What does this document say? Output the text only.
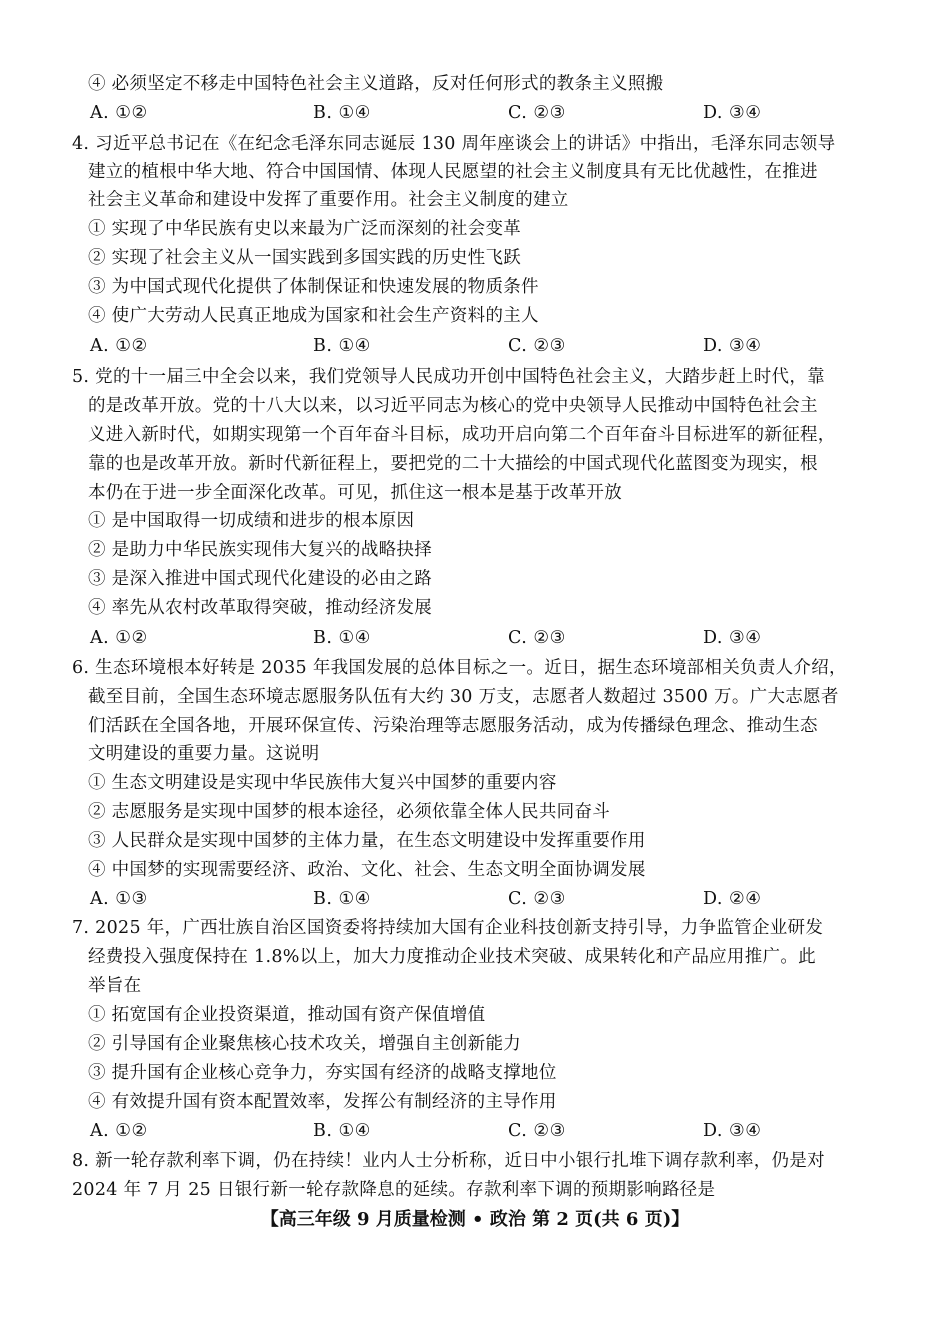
④ 必须坚定不移走中国特色社会主义道路，反对任何形式的教条主义照搬
A. ①②	B. ①④	C. ②③	D. ③④
4. 习近平总书记在《在纪念毛泽东同志诞辰 130 周年座谈会上的讲话》中指出，毛泽东同志领导
建立的植根中华大地、符合中国国情、体现人民愿望的社会主义制度具有无比优越性，在推进
社会主义革命和建设中发挥了重要作用。社会主义制度的建立
① 实现了中华民族有史以来最为广泛而深刻的社会变革
② 实现了社会主义从一国实践到多国实践的历史性飞跃
③ 为中国式现代化提供了体制保证和快速发展的物质条件
④ 使广大劳动人民真正地成为国家和社会生产资料的主人
A. ①②	B. ①④	C. ②③	D. ③④
5. 党的十一届三中全会以来，我们党领导人民成功开创中国特色社会主义，大踏步赶上时代，靠
的是改革开放。党的十八大以来，以习近平同志为核心的党中央领导人民推动中国特色社会主
义进入新时代，如期实现第一个百年奋斗目标，成功开启向第二个百年奋斗目标进军的新征程，
靠的也是改革开放。新时代新征程上，要把党的二十大描绘的中国式现代化蓝图变为现实，根
本仍在于进一步全面深化改革。可见，抓住这一根本是基于改革开放
① 是中国取得一切成绩和进步的根本原因
② 是助力中华民族实现伟大复兴的战略抉择
③ 是深入推进中国式现代化建设的必由之路
④ 率先从农村改革取得突破，推动经济发展
A. ①②	B. ①④	C. ②③	D. ③④
6. 生态环境根本好转是 2035 年我国发展的总体目标之一。近日，据生态环境部相关负责人介绍，
截至目前，全国生态环境志愿服务队伍有大约 30 万支，志愿者人数超过 3500 万。广大志愿者
们活跃在全国各地，开展环保宣传、污染治理等志愿服务活动，成为传播绿色理念、推动生态
文明建设的重要力量。这说明
① 生态文明建设是实现中华民族伟大复兴中国梦的重要内容
② 志愿服务是实现中国梦的根本途径，必须依靠全体人民共同奋斗
③ 人民群众是实现中国梦的主体力量，在生态文明建设中发挥重要作用
④ 中国梦的实现需要经济、政治、文化、社会、生态文明全面协调发展
A. ①③	B. ①④	C. ②③	D. ②④
7. 2025 年，广西壮族自治区国资委将持续加大国有企业科技创新支持引导，力争监管企业研发
经费投入强度保持在 1.8%以上，加大力度推动企业技术突破、成果转化和产品应用推广。此
举旨在
① 拓宽国有企业投资渠道，推动国有资产保值增值
② 引导国有企业聚焦核心技术攻关，增强自主创新能力
③ 提升国有企业核心竞争力，夯实国有经济的战略支撑地位
④ 有效提升国有资本配置效率，发挥公有制经济的主导作用
A. ①②	B. ①④	C. ②③	D. ③④
8. 新一轮存款利率下调，仍在持续！业内人士分析称，近日中小银行扎堆下调存款利率，仍是对
2024 年 7 月 25 日银行新一轮存款降息的延续。存款利率下调的预期影响路径是
【高三年级 9 月质量检测 • 政治 第 2 页(共 6 页)】
